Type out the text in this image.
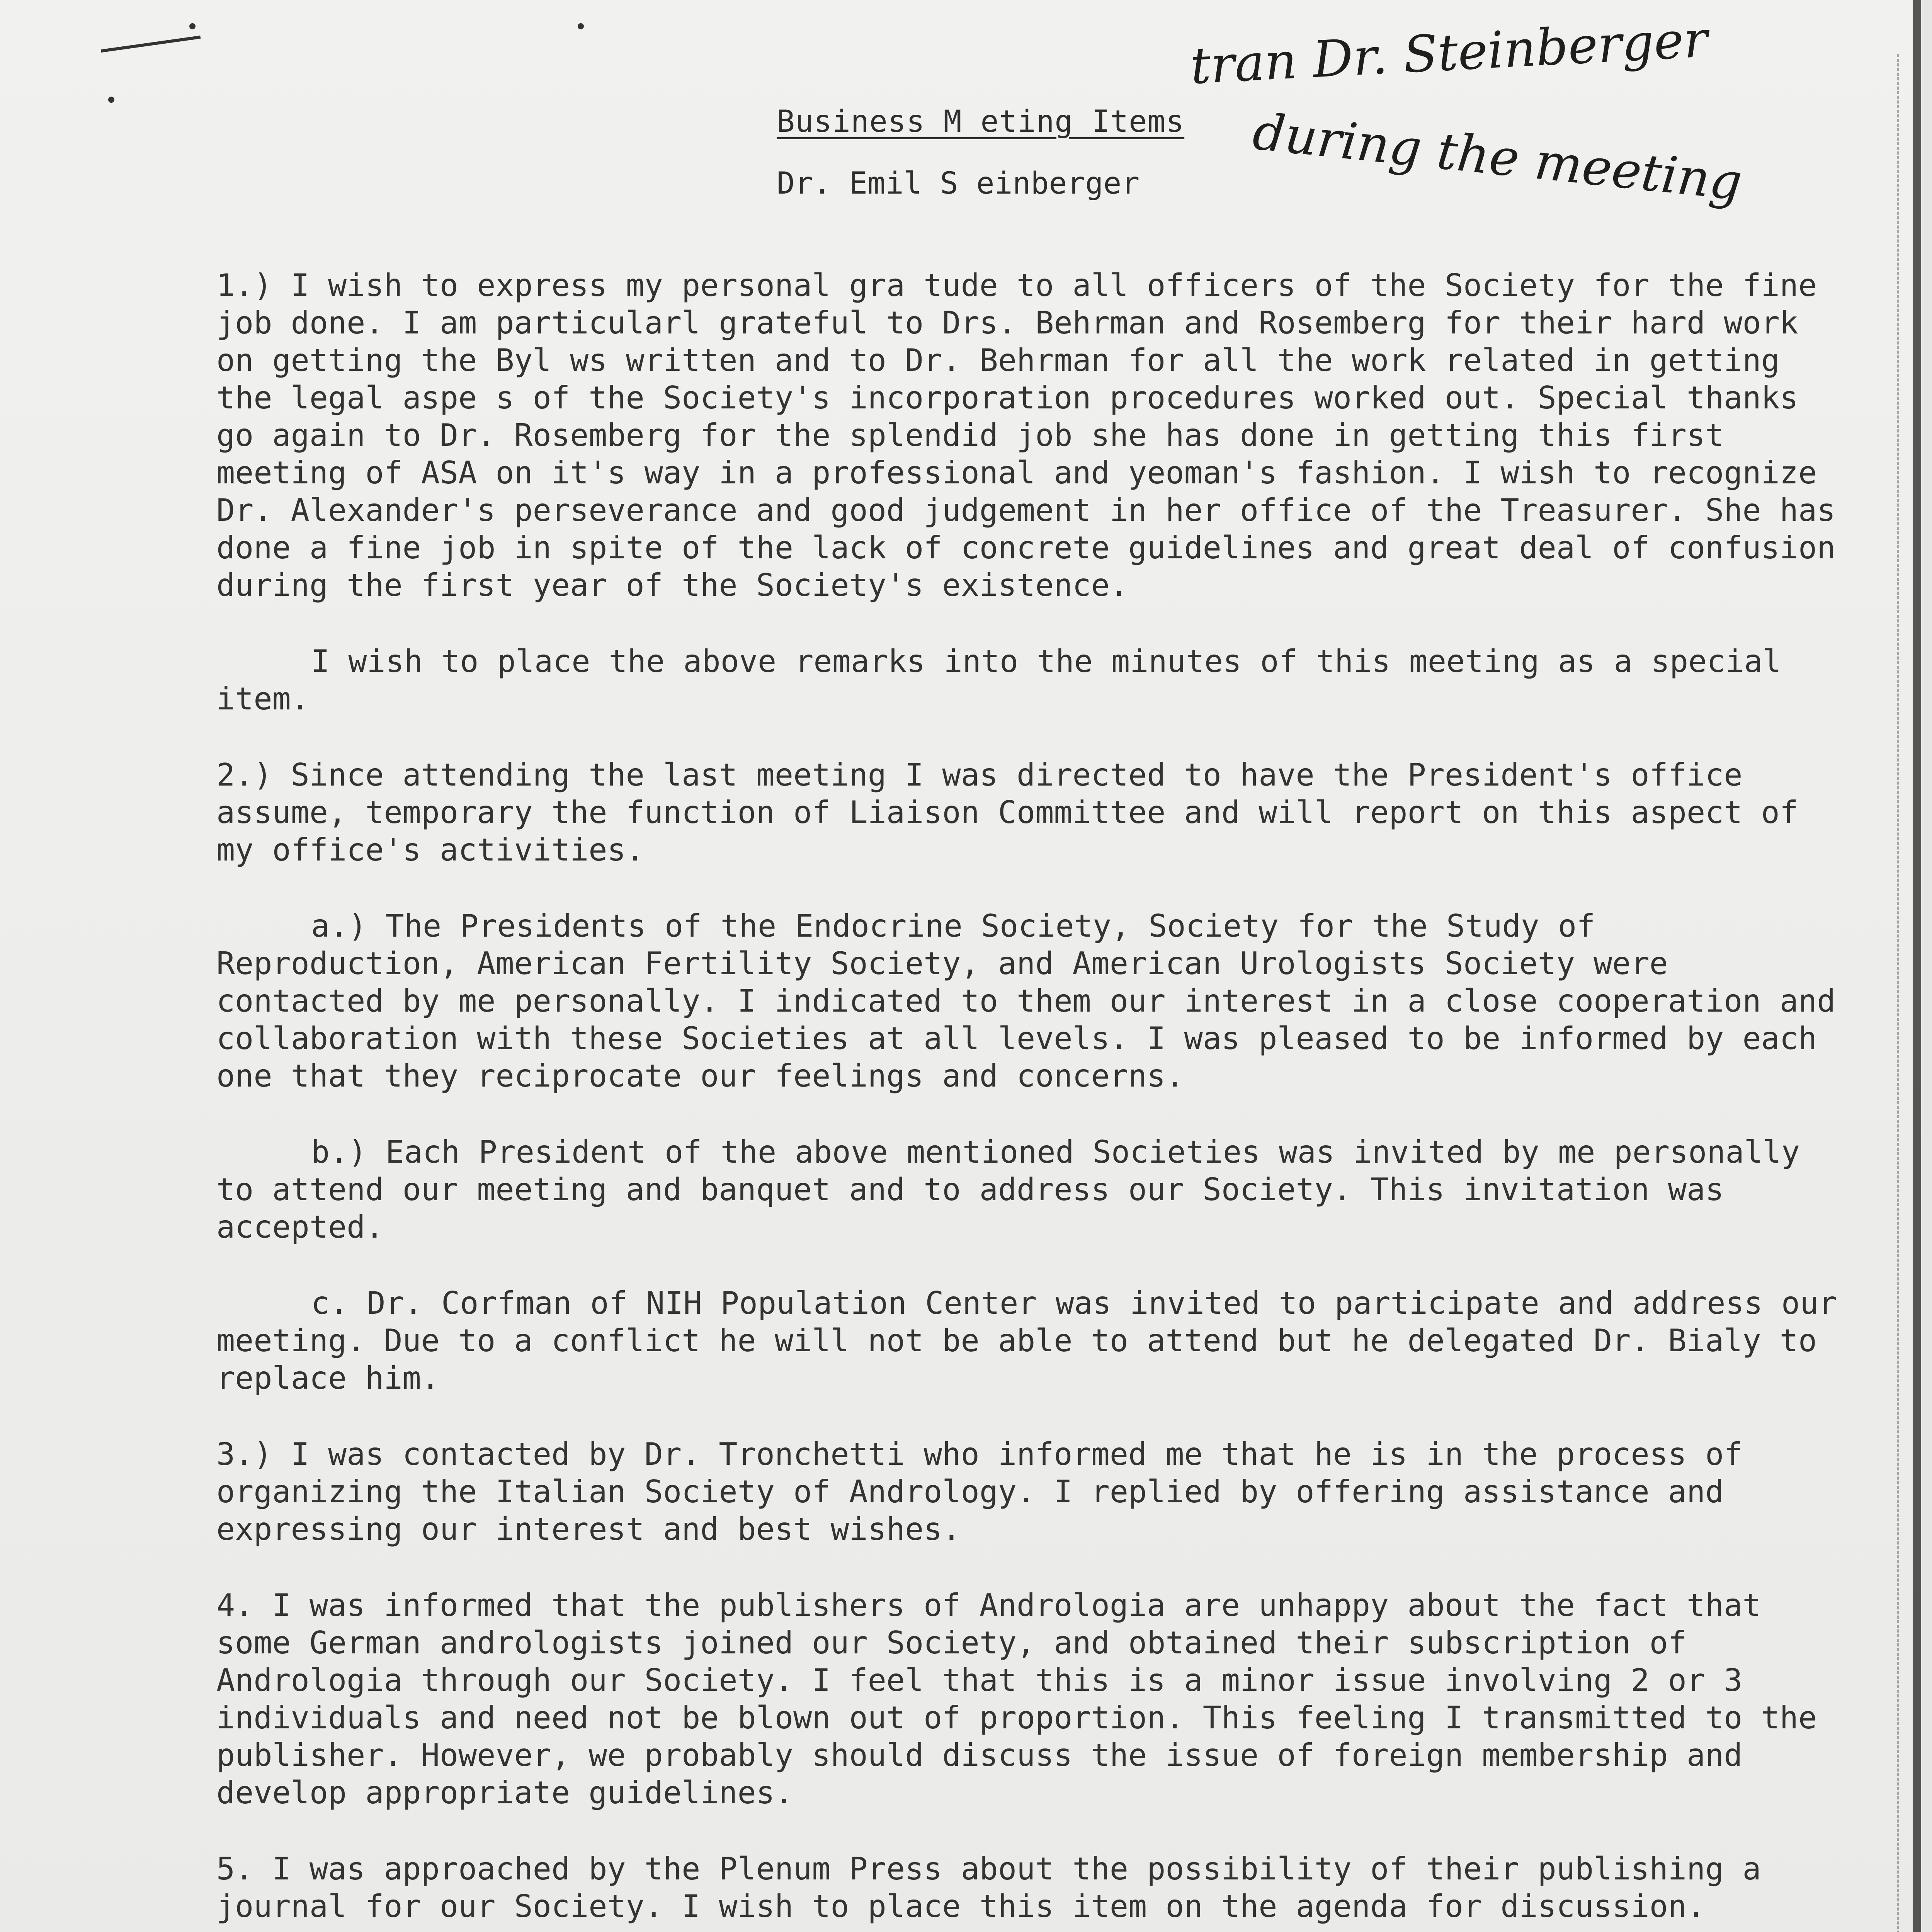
Business M eting Items
Dr. Emil S einberger
tran Dr. Steinberger
during the meeting

1.) I wish to express my personal gra tude to all officers of the Society for the fine job done. I am particularl grateful to Drs. Behrman and Rosemberg for their hard work on getting the Byl ws written and to Dr. Behrman for all the work related in getting the legal aspe s of the Society's incorporation procedures worked out. Special thanks go again to Dr. Rosemberg for the splendid job she has done in getting this first meeting of ASA on it's way in a professional and yeoman's fashion. I wish to recognize Dr. Alexander's perseverance and good judgement in her office of the Treasurer. She has done a fine job in spite of the lack of concrete guidelines and great deal of confusion during the first year of the Society's existence.

I wish to place the above remarks into the minutes of this meeting as a special item.

2.) Since attending the last meeting I was directed to have the President's office assume, temporary the function of Liaison Committee and will report on this aspect of my office's activities.

a.) The Presidents of the Endocrine Society, Society for the Study of Reproduction, American Fertility Society, and American Urologists Society were contacted by me personally. I indicated to them our interest in a close cooperation and collaboration with these Societies at all levels. I was pleased to be informed by each one that they reciprocate our feelings and concerns.

b.) Each President of the above mentioned Societies was invited by me personally to attend our meeting and banquet and to address our Society. This invitation was accepted.

c. Dr. Corfman of NIH Population Center was invited to participate and address our meeting. Due to a conflict he will not be able to attend but he delegated Dr. Bialy to replace him.

3.) I was contacted by Dr. Tronchetti who informed me that he is in the process of organizing the Italian Society of Andrology. I replied by offering assistance and expressing our interest and best wishes.

4. I was informed that the publishers of Andrologia are unhappy about the fact that some German andrologists joined our Society, and obtained their subscription of Andrologia through our Society. I feel that this is a minor issue involving 2 or 3 individuals and need not be blown out of proportion. This feeling I transmitted to the publisher. However, we probably should discuss the issue of foreign membership and develop appropriate guidelines.

5. I was approached by the Plenum Press about the possibility of their publishing a journal for our Society. I wish to place this item on the agenda for discussion.
